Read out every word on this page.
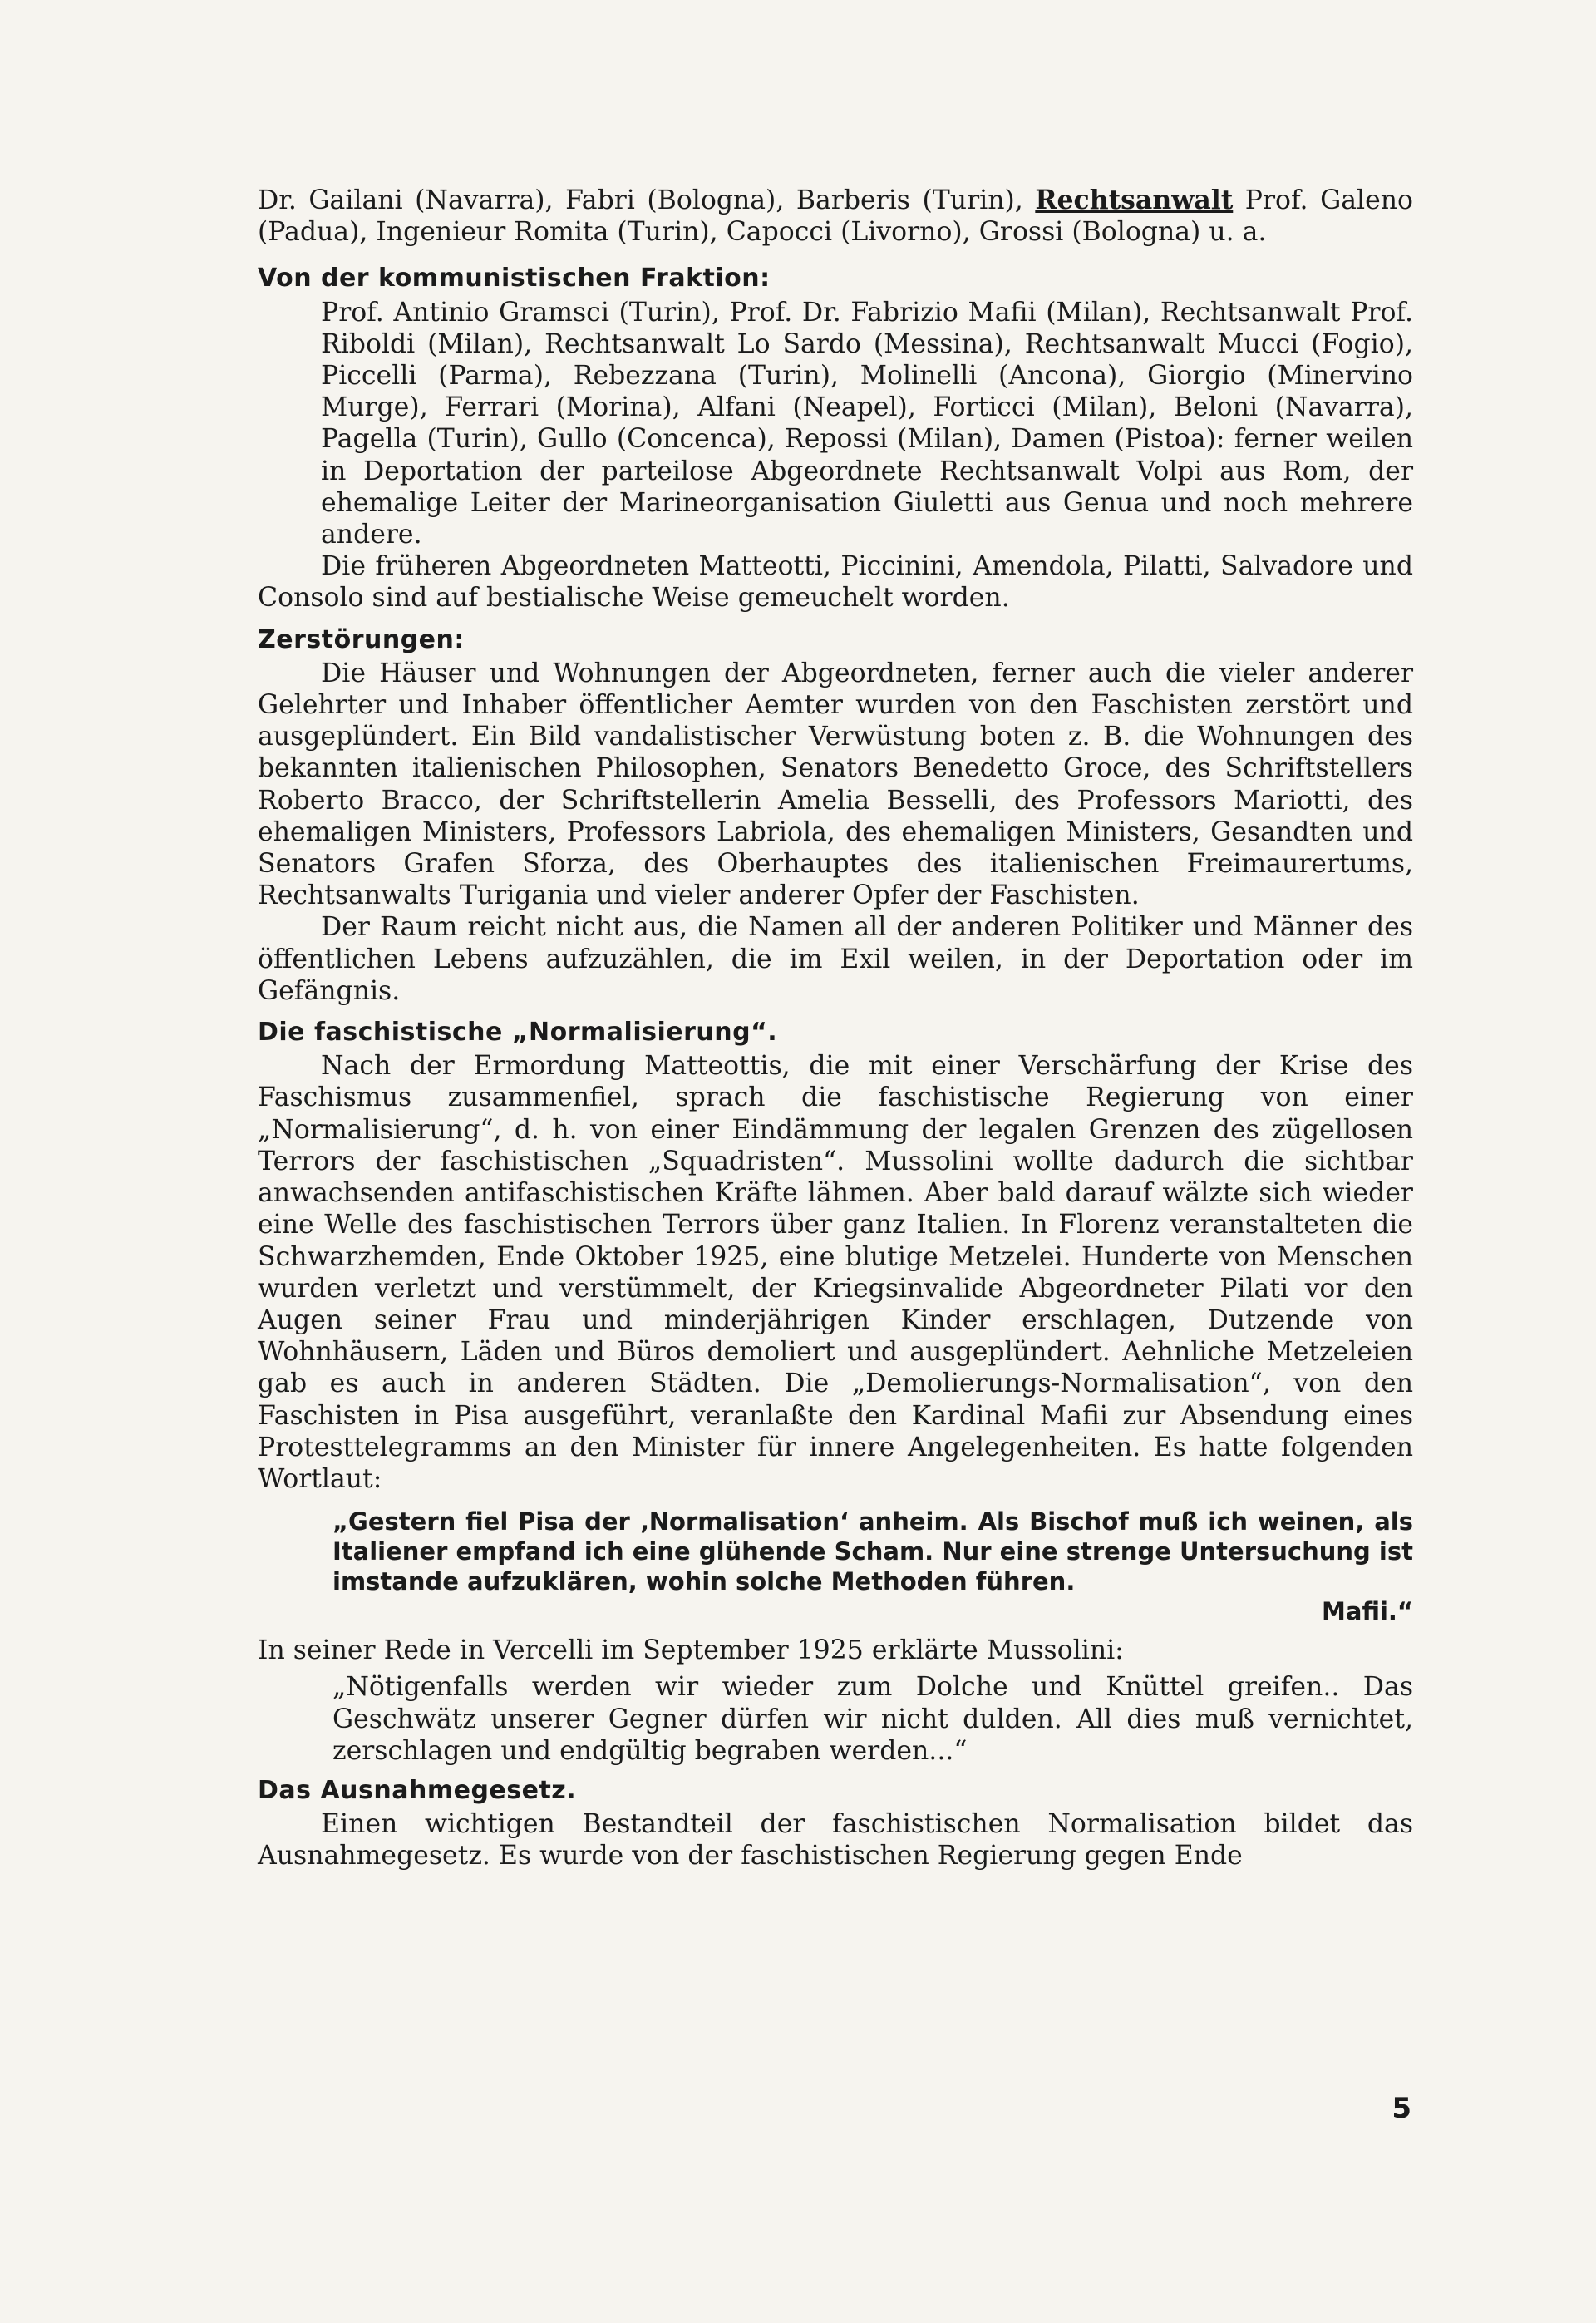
Dr. Gailani (Navarra), Fabri (Bologna), Barberis (Turin), Rechtsanwalt Prof. Galeno (Padua), Ingenieur Romita (Turin), Capocci (Livorno), Grossi (Bologna) u. a.

Von der kommunistischen Fraktion:

Prof. Antinio Gramsci (Turin), Prof. Dr. Fabrizio Mafii (Milan), Rechtsanwalt Prof. Riboldi (Milan), Rechtsanwalt Lo Sardo (Messina), Rechtsanwalt Mucci (Fogio), Piccelli (Parma), Rebezzana (Turin), Molinelli (Ancona), Giorgio (Minervino Murge), Ferrari (Morina), Alfani (Neapel), Forticci (Milan), Beloni (Navarra), Pagella (Turin), Gullo (Concenca), Repossi (Milan), Damen (Pistoa): ferner weilen in Deportation der parteilose Abgeordnete Rechtsanwalt Volpi aus Rom, der ehemalige Leiter der Marineorganisation Giuletti aus Genua und noch mehrere andere.

Die früheren Abgeordneten Matteotti, Piccinini, Amendola, Pilatti, Salvadore und Consolo sind auf bestialische Weise gemeuchelt worden.

Zerstörungen:

Die Häuser und Wohnungen der Abgeordneten, ferner auch die vieler anderer Gelehrter und Inhaber öffentlicher Aemter wurden von den Faschisten zerstört und ausgeplündert. Ein Bild vandalistischer Verwüstung boten z. B. die Wohnungen des bekannten italienischen Philosophen, Senators Benedetto Groce, des Schriftstellers Roberto Bracco, der Schriftstellerin Amelia Besselli, des Professors Mariotti, des ehemaligen Ministers, Professors Labriola, des ehemaligen Ministers, Gesandten und Senators Grafen Sforza, des Oberhauptes des italienischen Freimaurertums, Rechtsanwalts Turigania und vieler anderer Opfer der Faschisten.

Der Raum reicht nicht aus, die Namen all der anderen Politiker und Männer des öffentlichen Lebens aufzuzählen, die im Exil weilen, in der Deportation oder im Gefängnis.

Die faschistische „Normalisierung“.

Nach der Ermordung Matteottis, die mit einer Verschärfung der Krise des Faschismus zusammenfiel, sprach die faschistische Regierung von einer „Normalisierung“, d. h. von einer Eindämmung der legalen Grenzen des zügellosen Terrors der faschistischen „Squadristen“. Mussolini wollte dadurch die sichtbar anwachsenden antifaschistischen Kräfte lähmen. Aber bald darauf wälzte sich wieder eine Welle des faschistischen Terrors über ganz Italien. In Florenz veranstalteten die Schwarzhemden, Ende Oktober 1925, eine blutige Metzelei. Hunderte von Menschen wurden verletzt und verstümmelt, der Kriegsinvalide Abgeordneter Pilati vor den Augen seiner Frau und minderjährigen Kinder erschlagen, Dutzende von Wohnhäusern, Läden und Büros demoliert und ausgeplündert. Aehnliche Metzeleien gab es auch in anderen Städten. Die „Demolierungs-Normalisation“, von den Faschisten in Pisa ausgeführt, veranlaßte den Kardinal Mafii zur Absendung eines Protesttelegramms an den Minister für innere Angelegenheiten. Es hatte folgenden Wortlaut:

„Gestern fiel Pisa der ‚Normalisation‘ anheim. Als Bischof muß ich weinen, als Italiener empfand ich eine glühende Scham. Nur eine strenge Untersuchung ist imstande aufzuklären, wohin solche Methoden führen.
Mafii.“

In seiner Rede in Vercelli im September 1925 erklärte Mussolini:

„Nötigenfalls werden wir wieder zum Dolche und Knüttel greifen.. Das Geschwätz unserer Gegner dürfen wir nicht dulden. All dies muß vernichtet, zerschlagen und endgültig begraben werden...“

Das Ausnahmegesetz.

Einen wichtigen Bestandteil der faschistischen Normalisation bildet das Ausnahmegesetz. Es wurde von der faschistischen Regierung gegen Ende

5
